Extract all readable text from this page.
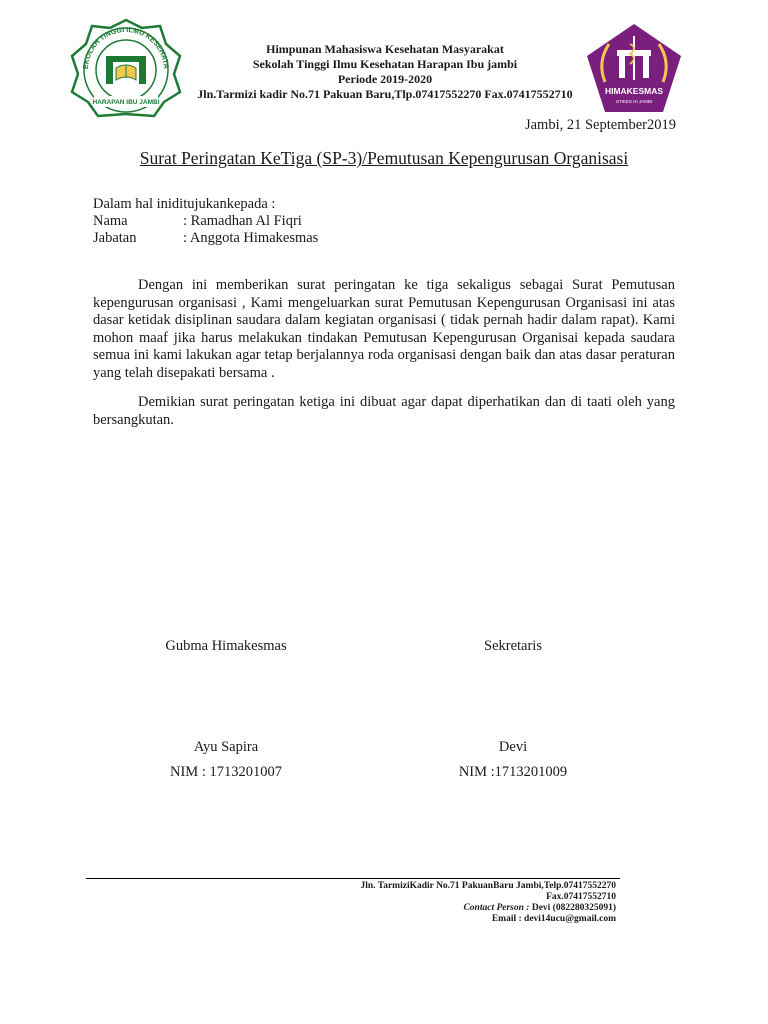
EKOLAH TINGGI ILMU KESEHATA
HARAPAN IBU JAMBI
Himpunan Mahasiswa Kesehatan Masyarakat
Sekolah Tinggi Ilmu Kesehatan Harapan Ibu jambi
Periode 2019-2020
Jln.Tarmizi kadir No.71 Pakuan Baru,Tlp.07417552270 Fax.07417552710	HIMAKESMAS
STIKES HI JAMBI
Jambi, 21 September2019
Surat Peringatan KeTiga (SP-3)/Pemutusan Kepengurusan Organisasi
Dalam hal iniditujukankepada :
Nama	: Ramadhan Al Fiqri
Jabatan	: Anggota Himakesmas
Dengan ini memberikan surat peringatan ke tiga sekaligus sebagai Surat Pemutusan kepengurusan organisasi , Kami mengeluarkan surat Pemutusan Kepengurusan Organisasi ini atas dasar ketidak disiplinan saudara dalam kegiatan organisasi ( tidak pernah hadir dalam rapat). Kami mohon maaf jika harus melakukan tindakan Pemutusan Kepengurusan Organisai kepada saudara semua ini kami lakukan agar tetap berjalannya roda organisasi dengan baik dan atas dasar peraturan yang telah disepakati bersama .
Demikian surat peringatan ketiga ini dibuat agar dapat diperhatikan dan di taati oleh yang bersangkutan.
Gubma Himakesmas	Sekretaris
Ayu Sapira	Devi
NIM : 1713201007	NIM :1713201009
Jln. TarmiziKadir No.71 PakuanBaru Jambi,Telp.07417552270
Fax.07417552710
Contact Person : Devi (082280325091)
Email : devi14ucu@gmail.com
